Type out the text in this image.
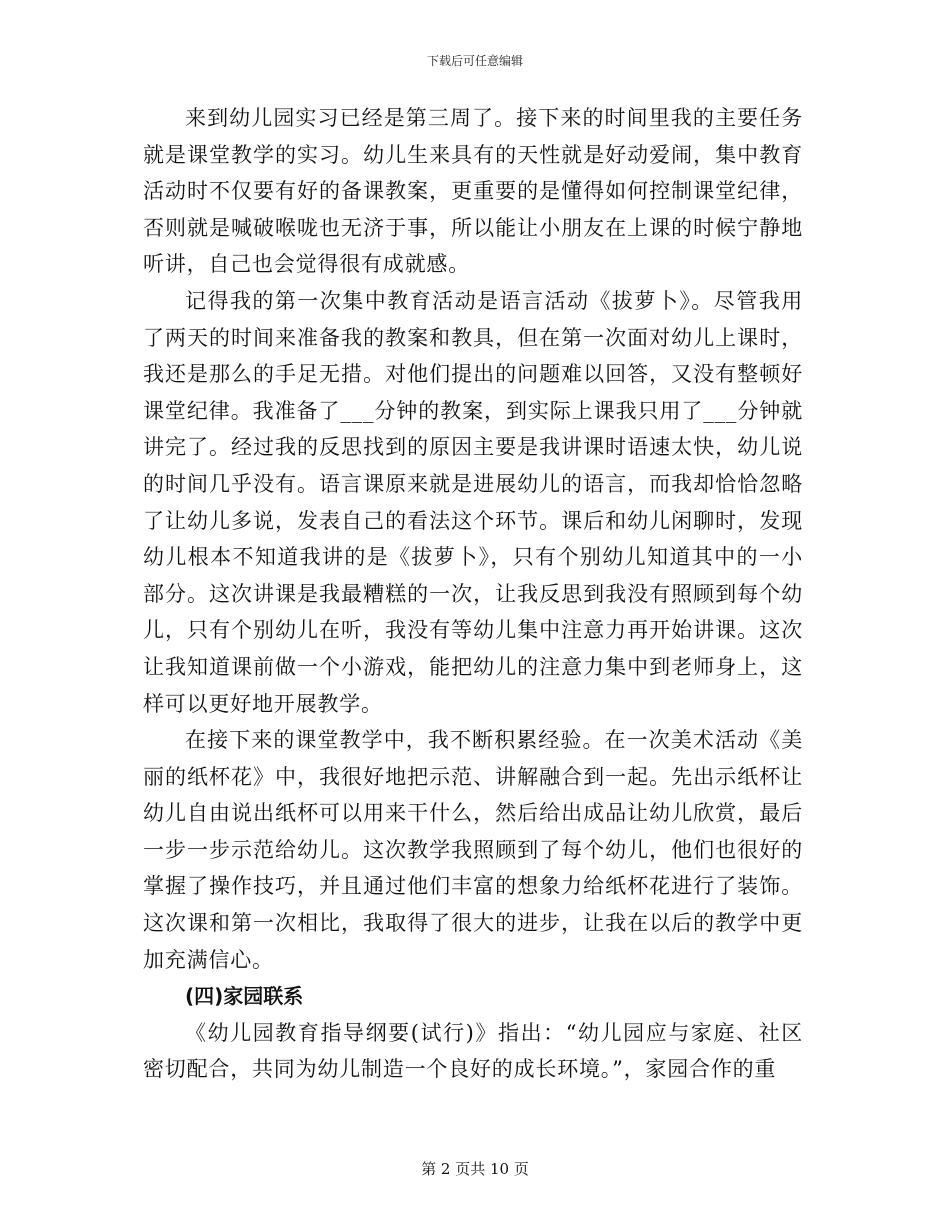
下载后可任意编辑

来到幼儿园实习已经是第三周了。接下来的时间里我的主要任务就是课堂教学的实习。幼儿生来具有的天性就是好动爱闹，集中教育活动时不仅要有好的备课教案，更重要的是懂得如何控制课堂纪律，否则就是喊破喉咙也无济于事，所以能让小朋友在上课的时候宁静地听讲，自己也会觉得很有成就感。

记得我的第一次集中教育活动是语言活动《拔萝卜》。尽管我用了两天的时间来准备我的教案和教具，但在第一次面对幼儿上课时，我还是那么的手足无措。对他们提出的问题难以回答，又没有整顿好课堂纪律。我准备了___分钟的教案，到实际上课我只用了___分钟就讲完了。经过我的反思找到的原因主要是我讲课时语速太快，幼儿说的时间几乎没有。语言课原来就是进展幼儿的语言，而我却恰恰忽略了让幼儿多说，发表自己的看法这个环节。课后和幼儿闲聊时，发现幼儿根本不知道我讲的是《拔萝卜》，只有个别幼儿知道其中的一小部分。这次讲课是我最糟糕的一次，让我反思到我没有照顾到每个幼儿，只有个别幼儿在听，我没有等幼儿集中注意力再开始讲课。这次让我知道课前做一个小游戏，能把幼儿的注意力集中到老师身上，这样可以更好地开展教学。

在接下来的课堂教学中，我不断积累经验。在一次美术活动《美丽的纸杯花》中，我很好地把示范、讲解融合到一起。先出示纸杯让幼儿自由说出纸杯可以用来干什么，然后给出成品让幼儿欣赏，最后一步一步示范给幼儿。这次教学我照顾到了每个幼儿，他们也很好的掌握了操作技巧，并且通过他们丰富的想象力给纸杯花进行了装饰。这次课和第一次相比，我取得了很大的进步，让我在以后的教学中更加充满信心。

(四)家园联系

《幼儿园教育指导纲要(试行)》指出：“幼儿园应与家庭、社区密切配合，共同为幼儿制造一个良好的成长环境。”，家园合作的重

第 2 页共 10 页
